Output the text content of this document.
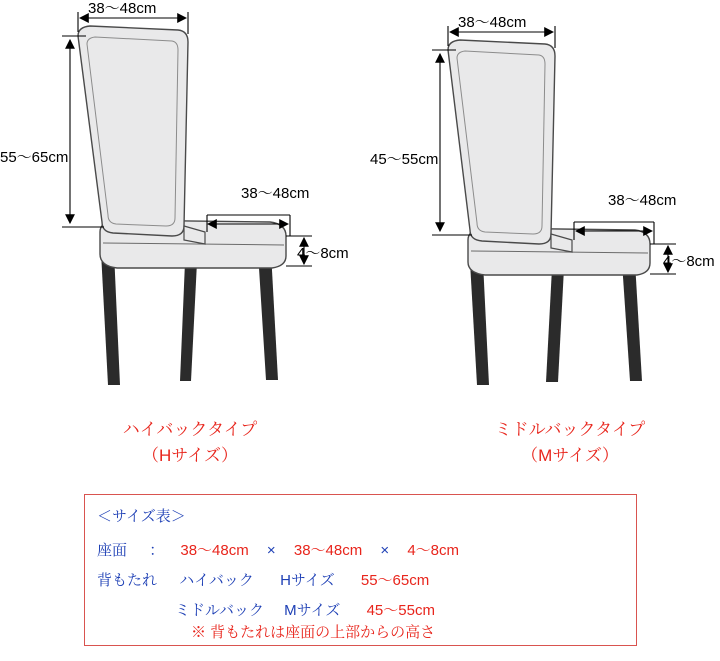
38～48cm
55～65cm
38～48cm
4～8cm
ハイバックタイプ
（Hサイズ）
38～48cm
45～55cm
38～48cm
4～8cm
ミドルバックタイプ
（Mサイズ）
＜サイズ表＞
座面 ： 38～48cm × 38～48cm × 4～8cm
背もたれ ハイバック Hサイズ 55～65cm
ミドルバック Mサイズ 45～55cm
※ 背もたれは座面の上部からの高さ
